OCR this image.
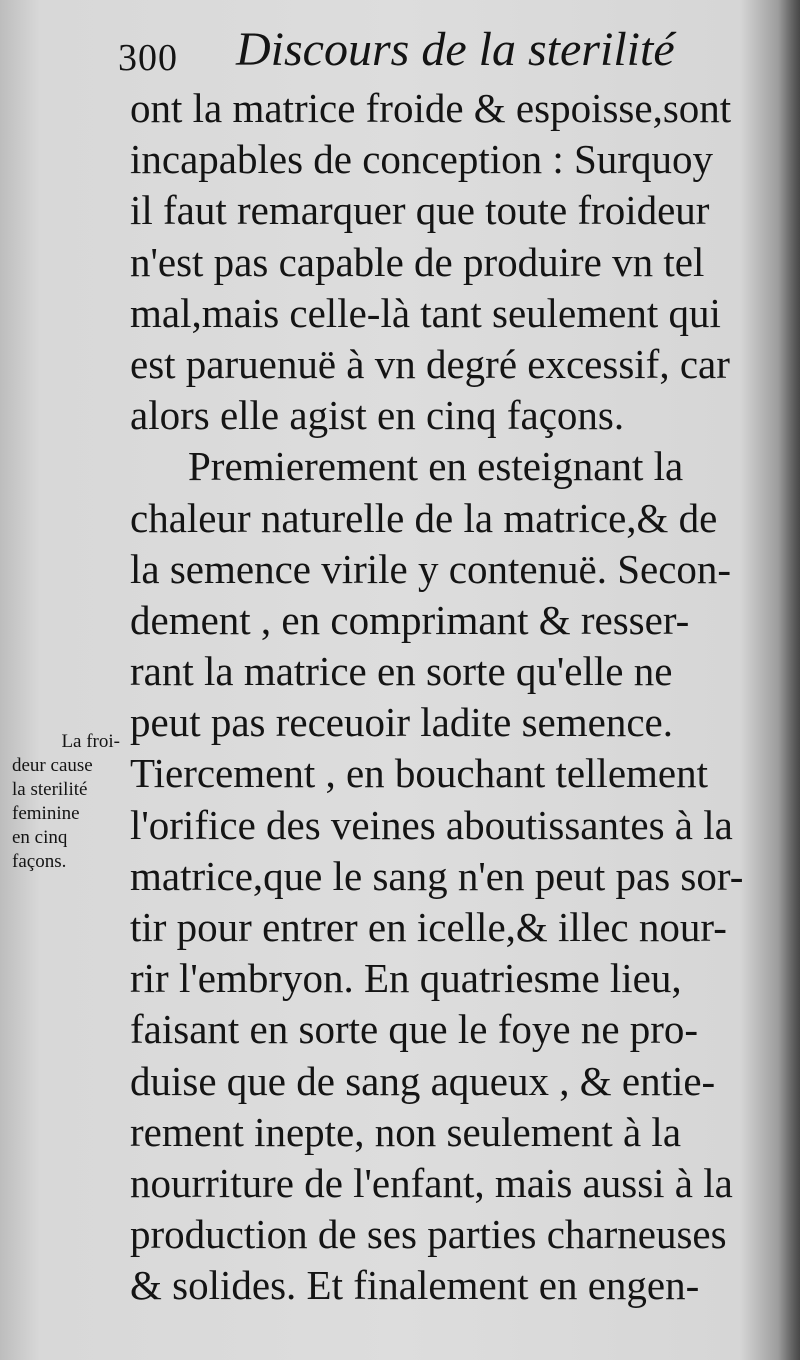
300 Discours de la sterilité
ont la matrice froide & espoisse,sont
incapables de conception : Surquoy
il faut remarquer que toute froideur
n'est pas capable de produire vn tel
mal,mais celle-là tant seulement qui
est paruenuë à vn degré excessif, car
alors elle agist en cinq façons.
Premierement en esteignant la
chaleur naturelle de la matrice,& de
la semence virile y contenuë. Secon-
dement , en comprimant & resser-
rant la matrice en sorte qu'elle ne
peut pas receuoir ladite semence.
Tiercement , en bouchant tellement
l'orifice des veines aboutissantes à la
matrice,que le sang n'en peut pas sor-
tir pour entrer en icelle,& illec nour-
rir l'embryon. En quatriesme lieu,
faisant en sorte que le foye ne pro-
duise que de sang aqueux , & entie-
rement inepte, non seulement à la
nourriture de l'enfant, mais aussi à la
production de ses parties charneuses
& solides. Et finalement en engen-
La froi-
deur cause
la sterilité
feminine
en cinq
façons.
